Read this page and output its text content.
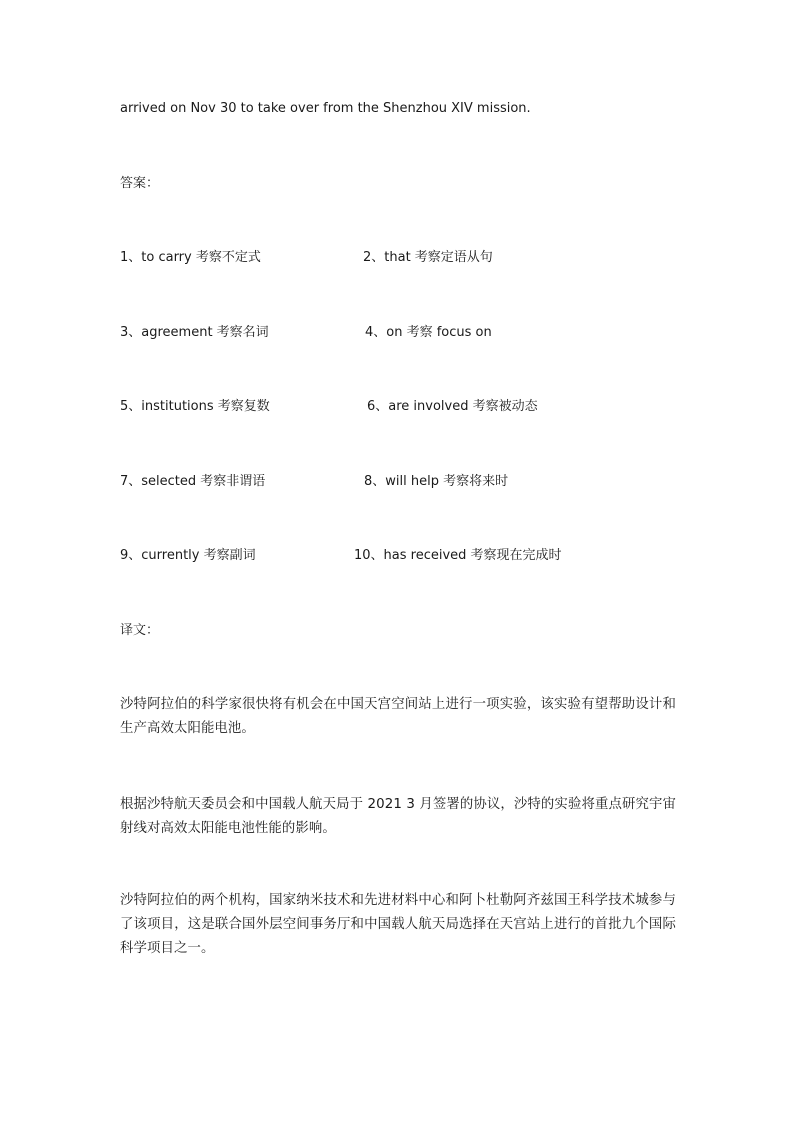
arrived on Nov 30 to take over from the Shenzhou XIV mission.
答案：
1、to carry 考察不定式	2、that 考察定语从句
3、agreement 考察名词	4、on 考察 focus on
5、institutions 考察复数	6、are involved 考察被动态
7、selected 考察非谓语	8、will help 考察将来时
9、currently 考察副词	10、has received 考察现在完成时
译文：
沙特阿拉伯的科学家很快将有机会在中国天宫空间站上进行一项实验，该实验有望帮助设计和生产高效太阳能电池。
根据沙特航天委员会和中国载人航天局于 2021 3 月签署的协议，沙特的实验将重点研究宇宙射线对高效太阳能电池性能的影响。
沙特阿拉伯的两个机构，国家纳米技术和先进材料中心和阿卜杜勒阿齐兹国王科学技术城参与了该项目，这是联合国外层空间事务厅和中国载人航天局选择在天宫站上进行的首批九个国际科学项目之一。
